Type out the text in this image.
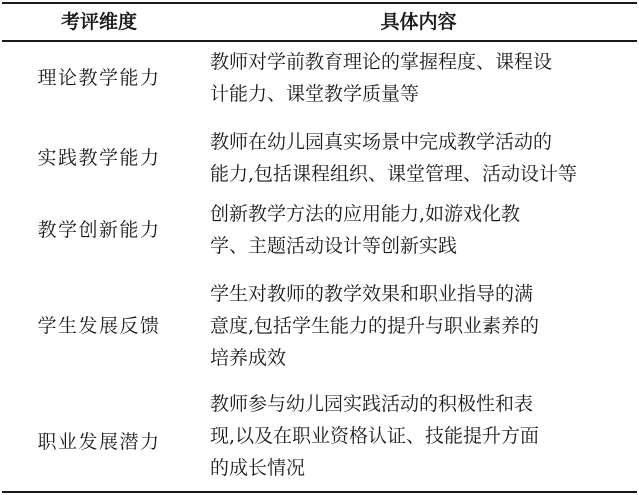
考评维度	具体内容
理论教学能力
教师对学前教育理论的掌握程度、课程设
计能力、课堂教学质量等
实践教学能力
教师在幼儿园真实场景中完成教学活动的
能力,包括课程组织、课堂管理、活动设计等
教学创新能力
创新教学方法的应用能力,如游戏化教
学、主题活动设计等创新实践
学生发展反馈
学生对教师的教学效果和职业指导的满
意度,包括学生能力的提升与职业素养的
培养成效
职业发展潜力
教师参与幼儿园实践活动的积极性和表
现,以及在职业资格认证、技能提升方面
的成长情况
